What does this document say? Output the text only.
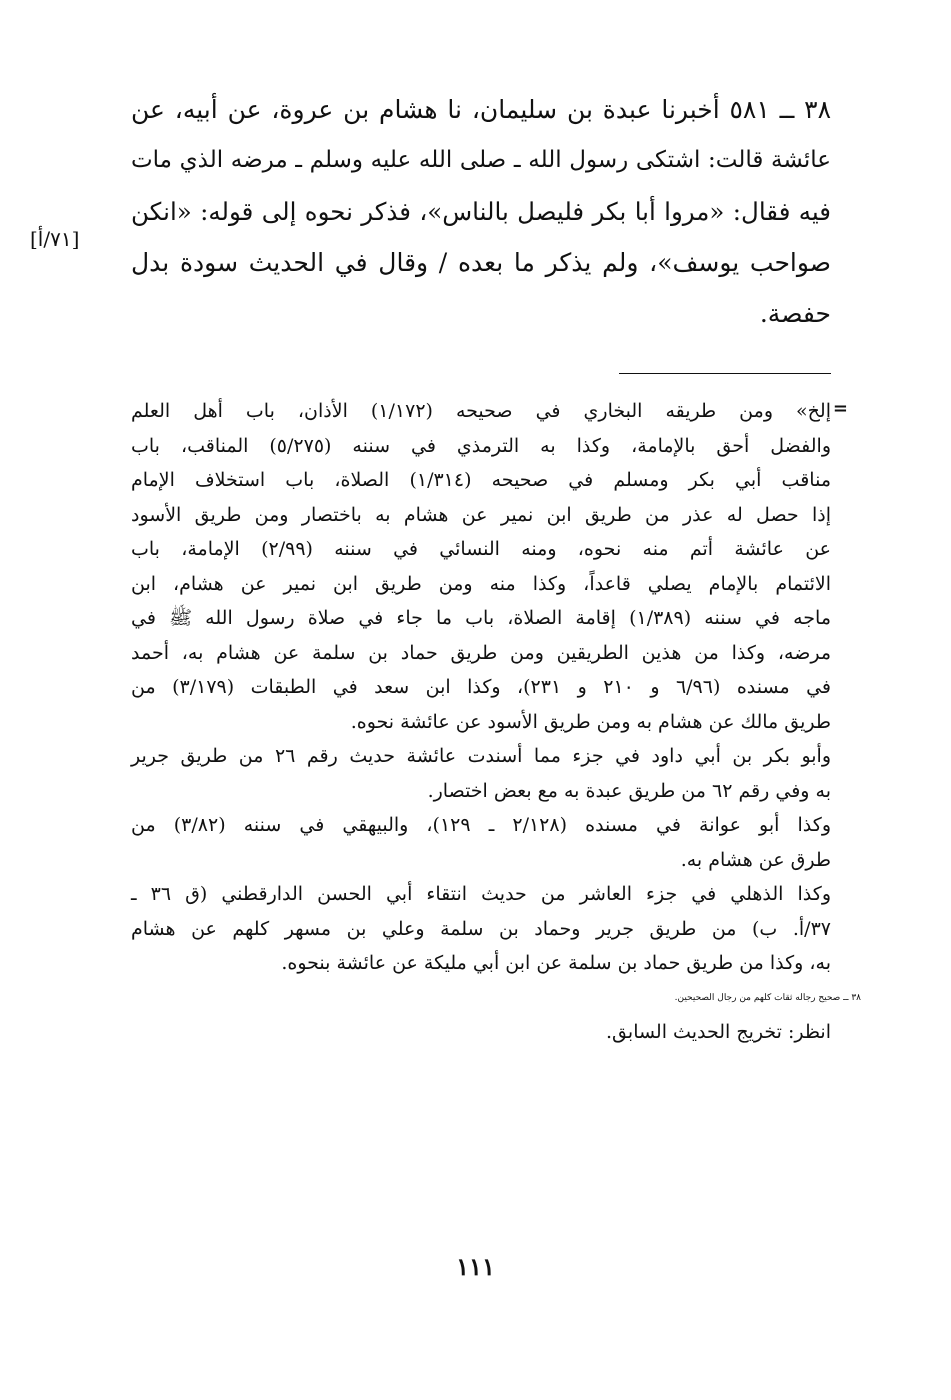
٣٨ ــ ٥٨١ أخبرنا عبدة بن سليمان، نا هشام بن عروة، عن أبيه، عن
عائشة قالت: اشتكى رسول الله ـ صلى الله عليه وسلم ـ مرضه الذي مات
فيه فقال: «مروا أبا بكر فليصل بالناس»، فذكر نحوه إلى قوله: «انكن
صواحب يوسف»، ولم يذكر ما بعده / وقال في الحديث سودة بدل
حفصة.
[٧١/أ]
=
إلخ» ومن طريقه البخاري في صحيحه (١/١٧٢) الأذان، باب أهل العلم
والفضل أحق بالإمامة، وكذا به الترمذي في سننه (٥/٢٧٥) المناقب، باب
مناقب أبي بكر ومسلم في صحيحه (١/٣١٤) الصلاة، باب استخلاف الإمام
إذا حصل له عذر من طريق ابن نمير عن هشام به باختصار ومن طريق الأسود
عن عائشة أتم منه نحوه، ومنه النسائي في سننه (٢/٩٩) الإمامة، باب
الائتمام بالإمام يصلي قاعداً، وكذا منه ومن طريق ابن نمير عن هشام، ابن
ماجه في سننه (١/٣٨٩) إقامة الصلاة، باب ما جاء في صلاة رسول الله ﷺ في
مرضه، وكذا من هذين الطريقين ومن طريق حماد بن سلمة عن هشام به، أحمد
في مسنده (٦/٩٦ و ٢١٠ و ٢٣١)، وكذا ابن سعد في الطبقات (٣/١٧٩) من
طريق مالك عن هشام به ومن طريق الأسود عن عائشة نحوه.
وأبو بكر بن أبي داود في جزء مما أسندت عائشة حديث رقم ٢٦ من طريق جرير
به وفي رقم ٦٢ من طريق عبدة به مع بعض اختصار.
وكذا أبو عوانة في مسنده (٢/١٢٨ ـ ١٢٩)، والبيهقي في سننه (٣/٨٢) من
طرق عن هشام به.
وكذا الذهلي في جزء العاشر من حديث انتقاء أبي الحسن الدارقطني (ق ٣٦ ـ
٣٧/أ. ب) من طريق جرير وحماد بن سلمة وعلي بن مسهر كلهم عن هشام
به، وكذا من طريق حماد بن سلمة عن ابن أبي مليكة عن عائشة بنحوه.
٣٨ ــ صحيح رجاله ثقات كلهم من رجال الصحيحين.
انظر: تخريج الحديث السابق.
١١١
